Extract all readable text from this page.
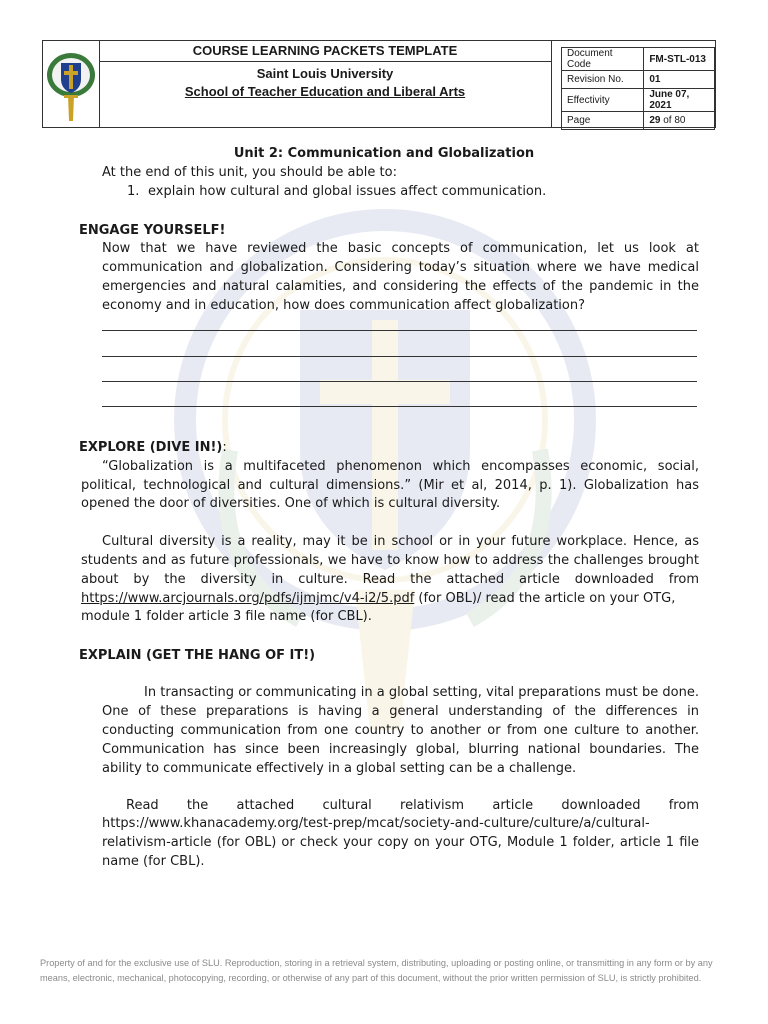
COURSE LEARNING PACKETS TEMPLATE
Saint Louis University
School of Teacher Education and Liberal Arts
Document Code	FM-STL-013
Revision No.	01
Effectivity	June 07, 2021
Page	29 of 80
Unit 2: Communication and Globalization
At the end of this unit, you should be able to:
1. explain how cultural and global issues affect communication.
ENGAGE YOURSELF!
Now that we have reviewed the basic concepts of communication, let us look at
communication and globalization. Considering today’s situation where we have medical
emergencies and natural calamities, and considering the effects of the pandemic in the
economy and in education, how does communication affect globalization?
EXPLORE (DIVE IN!):
“Globalization is a multifaceted phenomenon which encompasses economic, social,
political, technological and cultural dimensions.” (Mir et al, 2014, p. 1). Globalization has
opened the door of diversities. One of which is cultural diversity.
Cultural diversity is a reality, may it be in school or in your future workplace. Hence, as
students and as future professionals, we have to know how to address the challenges brought
about by the diversity in culture. Read the attached article downloaded from
https://www.arcjournals.org/pdfs/ijmjmc/v4-i2/5.pdf (for OBL)/ read the article on your OTG,
module 1 folder article 3 file name (for CBL).
EXPLAIN (GET THE HANG OF IT!)
In transacting or communicating in a global setting, vital preparations must be done.
One of these preparations is having a general understanding of the differences in
conducting communication from one country to another or from one culture to another.
Communication has since been increasingly global, blurring national boundaries. The
ability to communicate effectively in a global setting can be a challenge.
Read the attached cultural relativism article downloaded from
https://www.khanacademy.org/test-prep/mcat/society-and-culture/culture/a/cultural-
relativism-article (for OBL) or check your copy on your OTG, Module 1 folder, article 1 file
name (for CBL).
Property of and for the exclusive use of SLU. Reproduction, storing in a retrieval system, distributing, uploading or posting online, or transmitting in any form or by any
means, electronic, mechanical, photocopying, recording, or otherwise of any part of this document, without the prior written permission of SLU, is strictly prohibited.
